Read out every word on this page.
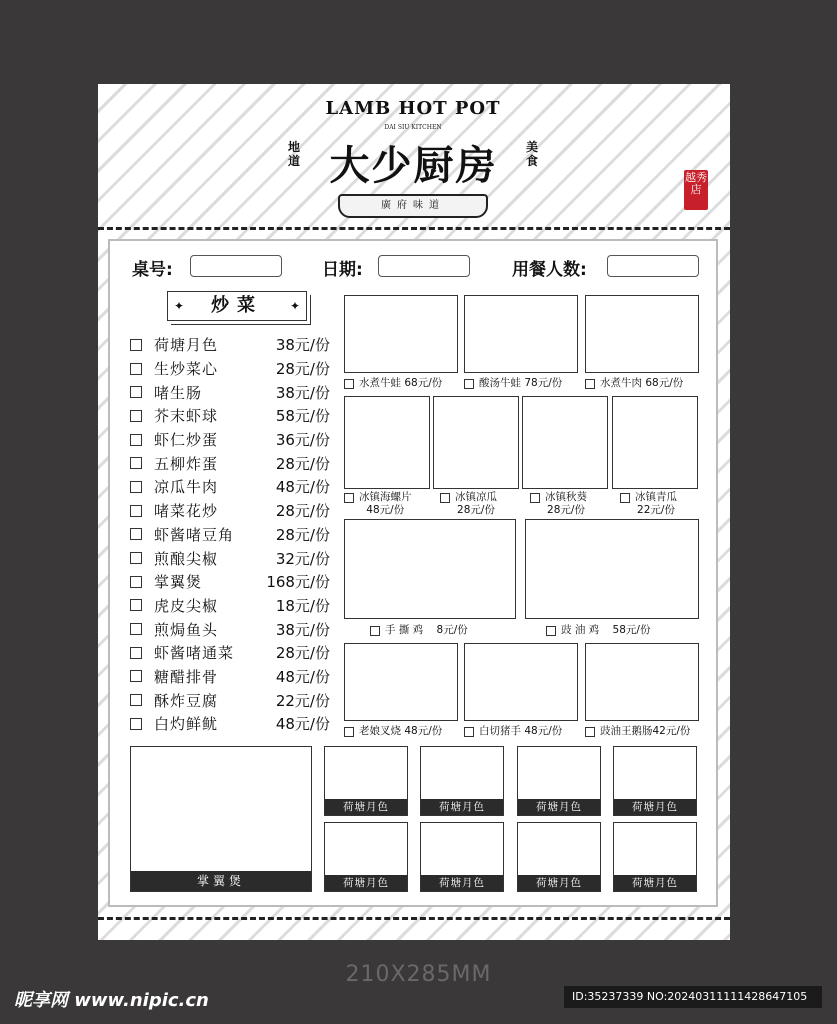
LAMB HOT POT
DAI SIU KITCHEN
地道 大少厨房	美食
廣府味道
越秀店
桌号:	日期:	用餐人数:
✦ 炒菜 ✦
荷塘月色	38元/份
生炒菜心	28元/份
啫生肠	38元/份
芥末虾球	58元/份
虾仁炒蛋	36元/份
五柳炸蛋	28元/份
凉瓜牛肉	48元/份
啫菜花炒	28元/份
虾酱啫豆角	28元/份
煎酿尖椒	32元/份
掌翼煲	168元/份
虎皮尖椒	18元/份
煎焗鱼头	38元/份
虾酱啫通菜	28元/份
糖醋排骨	48元/份
酥炸豆腐	22元/份
白灼鲜鱿	48元/份
水煮牛蛙 68元/份	酸汤牛蛙 78元/份	水煮牛肉 68元/份
冰镇海螺片
48元/份
冰镇凉瓜
28元/份
冰镇秋葵
28元/份
冰镇青瓜
22元/份
手 撕 鸡 8元/份	豉 油 鸡 58元/份
老娘叉烧 48元/份	白切猪手 48元/份	豉油王鹅肠42元/份
掌翼煲
荷塘月色	荷塘月色	荷塘月色	荷塘月色
荷塘月色	荷塘月色	荷塘月色	荷塘月色
210X285MM
昵享网 www.nipic.cn	ID:35237339 NO:20240311111428647105
